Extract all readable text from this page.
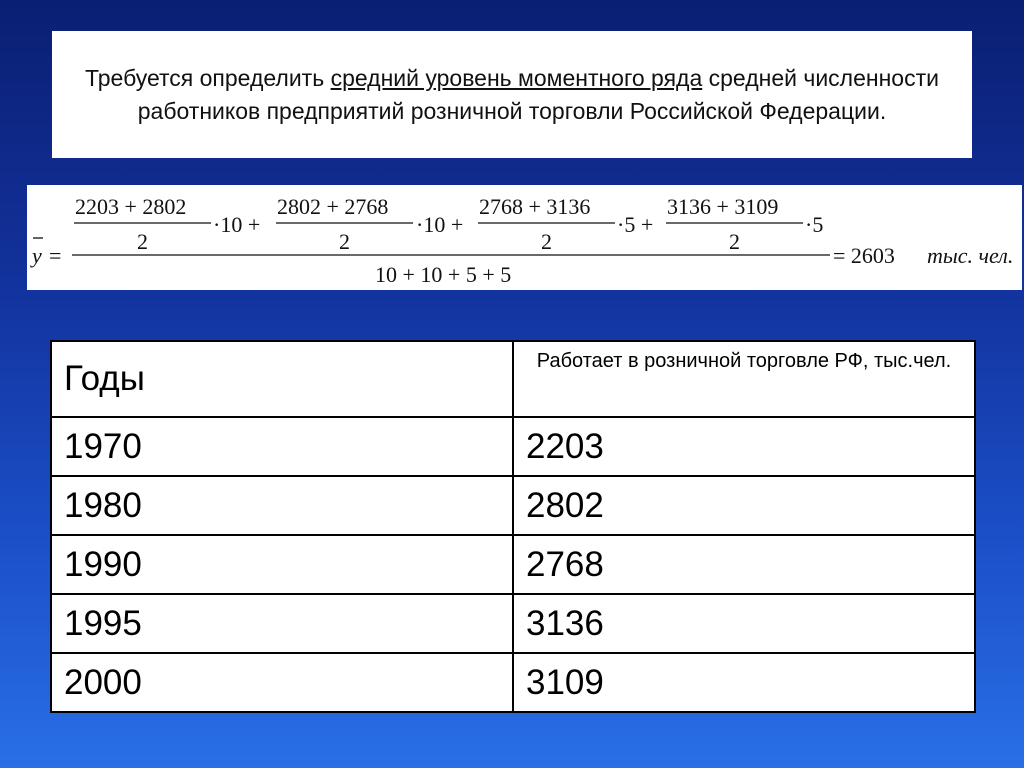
Требуется определить средний уровень моментного ряда средней численности работников предприятий розничной торговли Российской Федерации.
y =
2203 + 2802
2
·10 +
2802 + 2768
2
·10 +
2768 + 3136
2
·5 +
3136 + 3109
2
·5
10 + 10 + 5 + 5
= 2603 тыс. чел.
Годы	Работает в розничной торговле РФ, тыс.чел.
1970	2203
1980	2802
1990	2768
1995	3136
2000	3109
